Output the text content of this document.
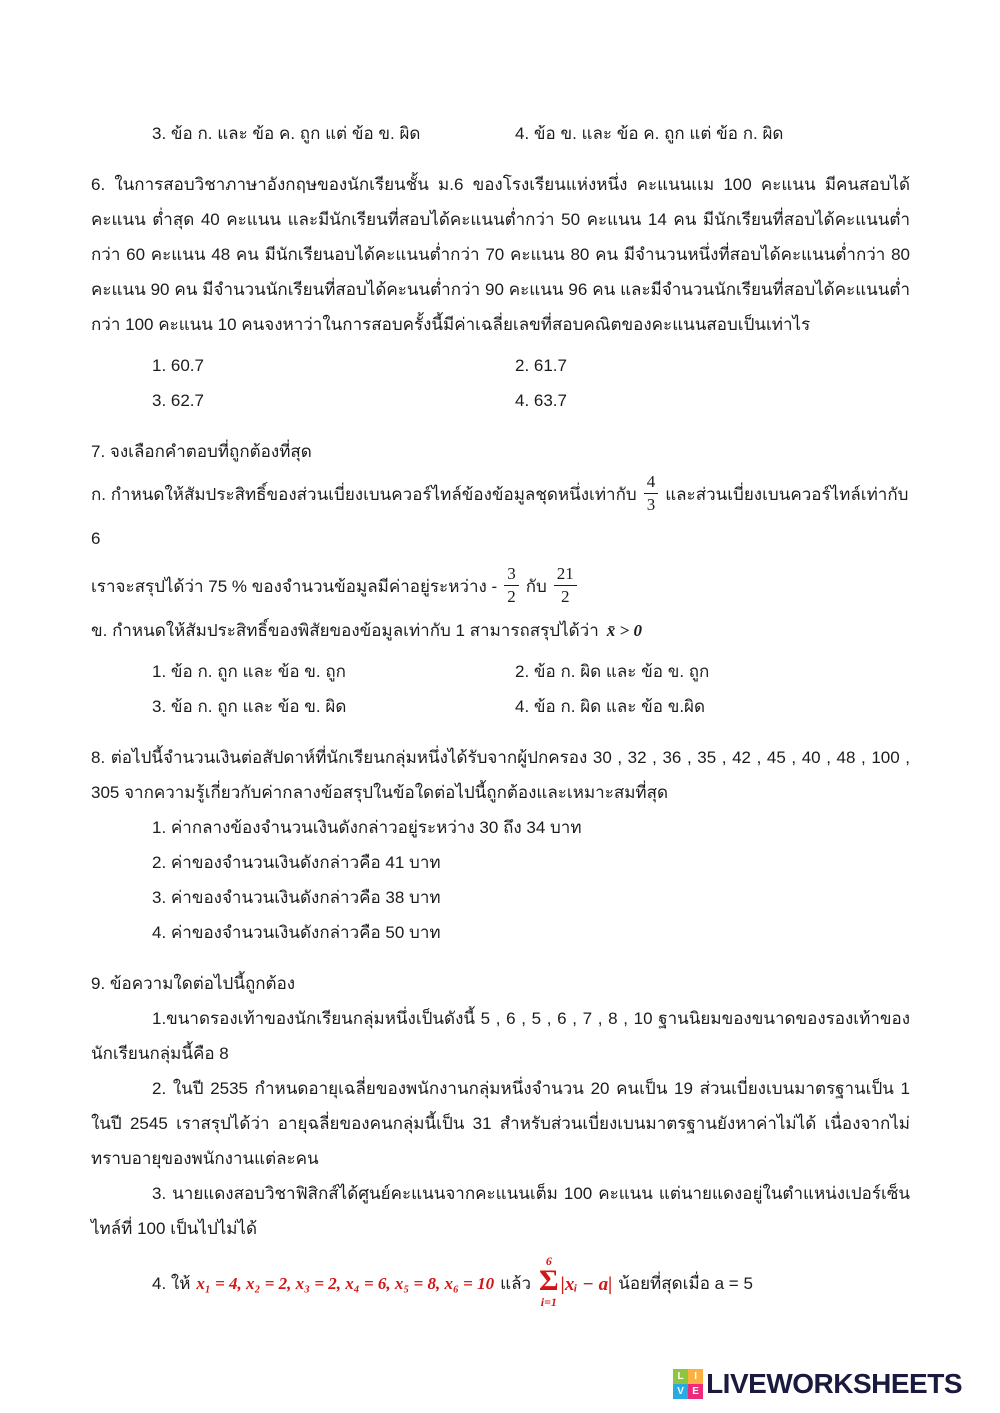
3. ข้อ ก. และ ข้อ ค. ถูก แต่ ข้อ ข. ผิด	4. ข้อ ข. และ ข้อ ค. ถูก แต่ ข้อ ก. ผิด

6. ในการสอบวิชาภาษาอังกฤษของนักเรียนชั้น ม.6 ของโรงเรียนแห่งหนึ่ง คะแนนเเม 100 คะแนน มีคนสอบได้คะแนน ต่ำสุด 40 คะแนน และมีนักเรียนที่สอบได้คะแนนต่ำกว่า 50 คะแนน 14 คน มีนักเรียนที่สอบได้คะแนนต่ำกว่า 60 คะแนน 48 คน มีนักเรียนอบได้คะแนนต่ำกว่า 70 คะแนน 80 คน มีจำนวนหนึ่งที่สอบได้คะแนนต่ำกว่า 80 คะแนน 90 คน มีจำนวนนักเรียนที่สอบได้คะนนต่ำกว่า 90 คะแนน 96 คน และมีจำนวนนักเรียนที่สอบได้คะแนนต่ำกว่า 100 คะแนน 10 คนจงหาว่าในการสอบครั้งนี้มีค่าเฉลี่ยเลขที่สอบคณิตของคะแนนสอบเป็นเท่าไร

1. 60.7	2. 61.7
3. 62.7	4. 63.7

7. จงเลือกคำตอบที่ถูกต้องที่สุด

ก. กำหนดให้สัมประสิทธิ์ของส่วนเบี่ยงเบนควอร์ไทล์ข้องข้อมูลชุดหนึ่งเท่ากับ $\frac{4}{3}$ และส่วนเบี่ยงเบนควอร์ไทล์เท่ากับ 6

เราจะสรุปได้ว่า 75 % ของจำนวนข้อมูลมีค่าอยู่ระหว่าง - $\frac{3}{2}$ กับ $\frac{21}{2}$

ข. กำหนดให้สัมประสิทธิ์ของพิสัยของข้อมูลเท่ากับ 1 สามารถสรุปได้ว่า x̄ > 0

1. ข้อ ก. ถูก และ ข้อ ข. ถูก	2. ข้อ ก. ผิด และ ข้อ ข. ถูก
3. ข้อ ก. ถูก และ ข้อ ข. ผิด	4. ข้อ ก. ผิด และ ข้อ ข.ผิด

8. ต่อไปนี้จำนวนเงินต่อสัปดาห์ที่นักเรียนกลุ่มหนึ่งได้รับจากผู้ปกครอง 30 , 32 , 36 , 35 , 42 , 45 , 40 , 48 , 100 , 305 จากความรู้เกี่ยวกับค่ากลางข้อสรุปในข้อใดต่อไปนี้ถูกต้องและเหมาะสมที่สุด

1. ค่ากลางข้องจำนวนเงินดังกล่าวอยู่ระหว่าง 30 ถึง 34 บาท
2. ค่าของจำนวนเงินดังกล่าวคือ 41 บาท
3. ค่าของจำนวนเงินดังกล่าวคือ 38 บาท
4. ค่าของจำนวนเงินดังกล่าวคือ 50 บาท

9. ข้อความใดต่อไปนี้ถูกต้อง

1.ขนาดรองเท้าของนักเรียนกลุ่มหนึ่งเป็นดังนี้ 5 , 6 , 5 , 6 , 7 , 8 , 10 ฐานนิยมของขนาดของรองเท้าของนักเรียนกลุ่มนี้คือ 8

2. ในปี 2535 กำหนดอายุเฉลี่ยของพนักงานกลุ่มหนึ่งจำนวน 20 คนเป็น 19 ส่วนเบี่ยงเบนมาตรฐานเป็น 1 ในปี 2545 เราสรุปได้ว่า อายุฉลี่ยของคนกลุ่มนี้เป็น 31 สำหรับส่วนเบี่ยงเบนมาตรฐานยังหาค่าไม่ได้ เนื่องจากไม่ทราบอายุของพนักงานแต่ละคน

3. นายแดงสอบวิชาฟิสิกส์ได้ศูนย์คะแนนจากคะแนนเต็ม 100 คะแนน แต่นายแดงอยู่ในตำแหน่งเปอร์เซ็นไทล์ที่ 100 เป็นไปไม่ได้

4. ให้ x₁ = 4, x₂ = 2, x₃ = 2, x₄ = 6, x₅ = 8, x₆ = 10 แล้ว
6
Σ
i=1
|xᵢ − a| น้อยที่สุดเมื่อ a = 5

L	I
V E LIVEWORKSHEETS
